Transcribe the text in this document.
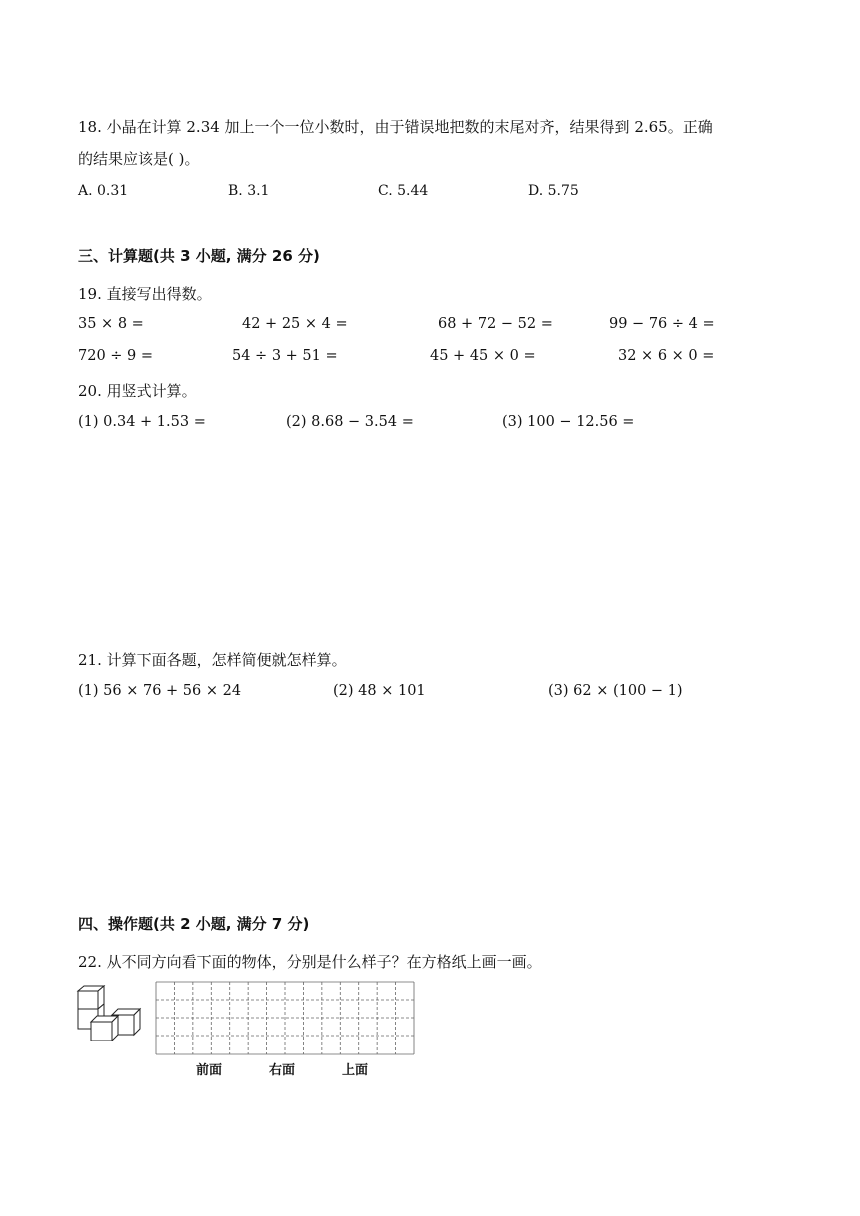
18. 小晶在计算 2.34 加上一个一位小数时，由于错误地把数的末尾对齐，结果得到 2.65。正确
的结果应该是( )。
A. 0.31	B. 3.1	C. 5.44	D. 5.75
三、计算题(共 3 小题, 满分 26 分)
19. 直接写出得数。
35 × 8 =	42 + 25 × 4 =	68 + 72 − 52 =	99 − 76 ÷ 4 =
720 ÷ 9 =	54 ÷ 3 + 51 =	45 + 45 × 0 =	32 × 6 × 0 =
20. 用竖式计算。
(1) 0.34 + 1.53 =	(2) 8.68 − 3.54 =	(3) 100 − 12.56 =
21. 计算下面各题，怎样简便就怎样算。
(1) 56 × 76 + 56 × 24	(2) 48 × 101	(3) 62 × (100 − 1)
四、操作题(共 2 小题, 满分 7 分)
22. 从不同方向看下面的物体，分别是什么样子？在方格纸上画一画。
前面	右面	上面
